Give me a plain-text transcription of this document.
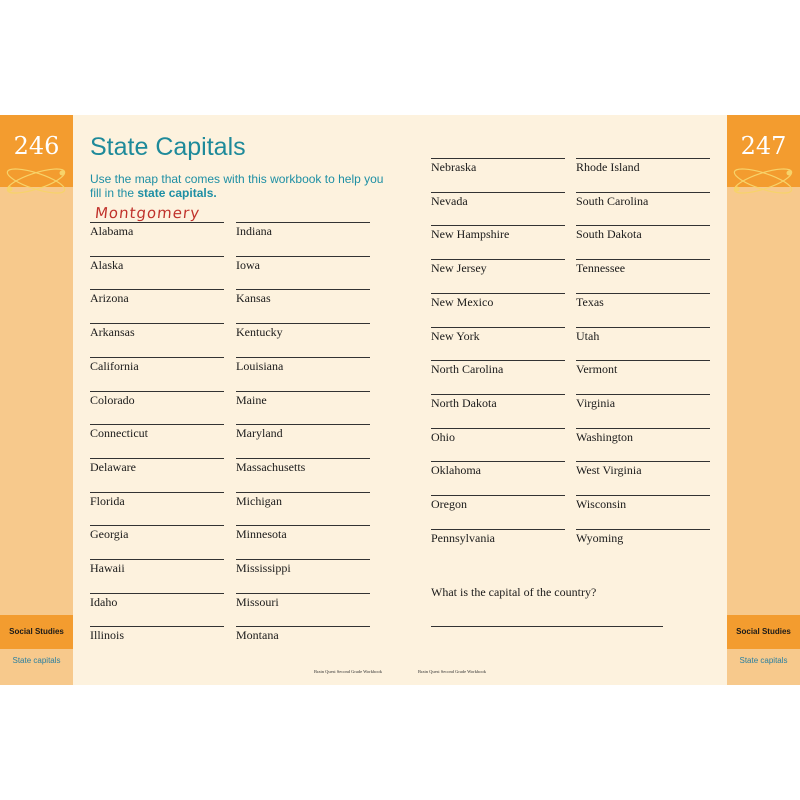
246
Social Studies
State capitals
247
Social Studies
State capitals
State Capitals
Use the map that comes with this workbook to help you fill in the state capitals.
Montgomery
Alabama
Alaska
Arizona
Arkansas
California
Colorado
Connecticut
Delaware
Florida
Georgia
Hawaii
Idaho
Illinois
Indiana
Iowa
Kansas
Kentucky
Louisiana
Maine
Maryland
Massachusetts
Michigan
Minnesota
Mississippi
Missouri
Montana
Nebraska
Nevada
New Hampshire
New Jersey
New Mexico
New York
North Carolina
North Dakota
Ohio
Oklahoma
Oregon
Pennsylvania
Rhode Island
South Carolina
South Dakota
Tennessee
Texas
Utah
Vermont
Virginia
Washington
West Virginia
Wisconsin
Wyoming
What is the capital of the country?
Brain Quest Second Grade Workbook	Brain Quest Second Grade Workbook
